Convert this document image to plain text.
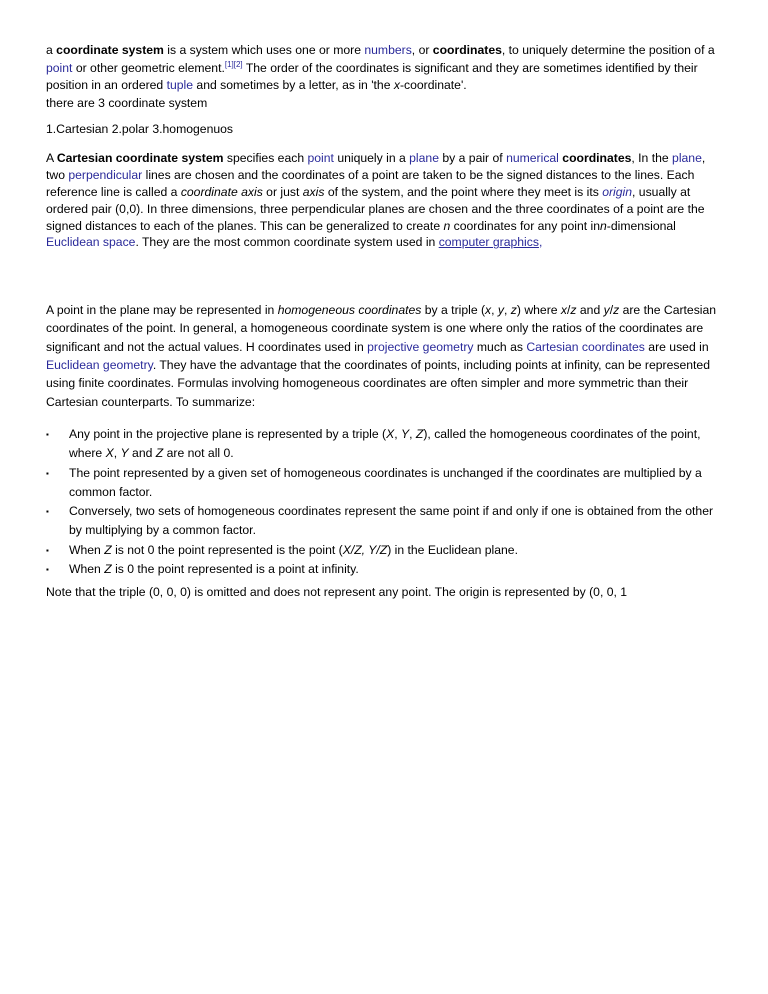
a coordinate system is a system which uses one or more numbers, or coordinates, to uniquely determine the position of a point or other geometric element.[1][2] The order of the coordinates is significant and they are sometimes identified by their position in an ordered tuple and sometimes by a letter, as in 'the x-coordinate'.
there are 3 coordinate system

1.Cartesian 2.polar 3.homogenuos

A Cartesian coordinate system specifies each point uniquely in a plane by a pair of numerical coordinates, In the plane, two perpendicular lines are chosen and the coordinates of a point are taken to be the signed distances to the lines. Each reference line is called a coordinate axis or just axis of the system, and the point where they meet is its origin, usually at ordered pair (0,0). In three dimensions, three perpendicular planes are chosen and the three coordinates of a point are the signed distances to each of the planes. This can be generalized to create n coordinates for any point inn-dimensional Euclidean space. They are the most common coordinate system used in computer graphics,

A point in the plane may be represented in homogeneous coordinates by a triple (x, y, z) where x/z and y/z are the Cartesian coordinates of the point. In general, a homogeneous coordinate system is one where only the ratios of the coordinates are significant and not the actual values. H coordinates used in projective geometry much as Cartesian coordinates are used in Euclidean geometry. They have the advantage that the coordinates of points, including points at infinity, can be represented using finite coordinates. Formulas involving homogeneous coordinates are often simpler and more symmetric than their Cartesian counterparts. To summarize:

▪ Any point in the projective plane is represented by a triple (X, Y, Z), called the homogeneous coordinates of the point, where X, Y and Z are not all 0.
▪ The point represented by a given set of homogeneous coordinates is unchanged if the coordinates are multiplied by a common factor.
▪ Conversely, two sets of homogeneous coordinates represent the same point if and only if one is obtained from the other by multiplying by a common factor.
▪ When Z is not 0 the point represented is the point (X/Z, Y/Z) in the Euclidean plane.
▪ When Z is 0 the point represented is a point at infinity.

Note that the triple (0, 0, 0) is omitted and does not represent any point. The origin is represented by (0, 0, 1
